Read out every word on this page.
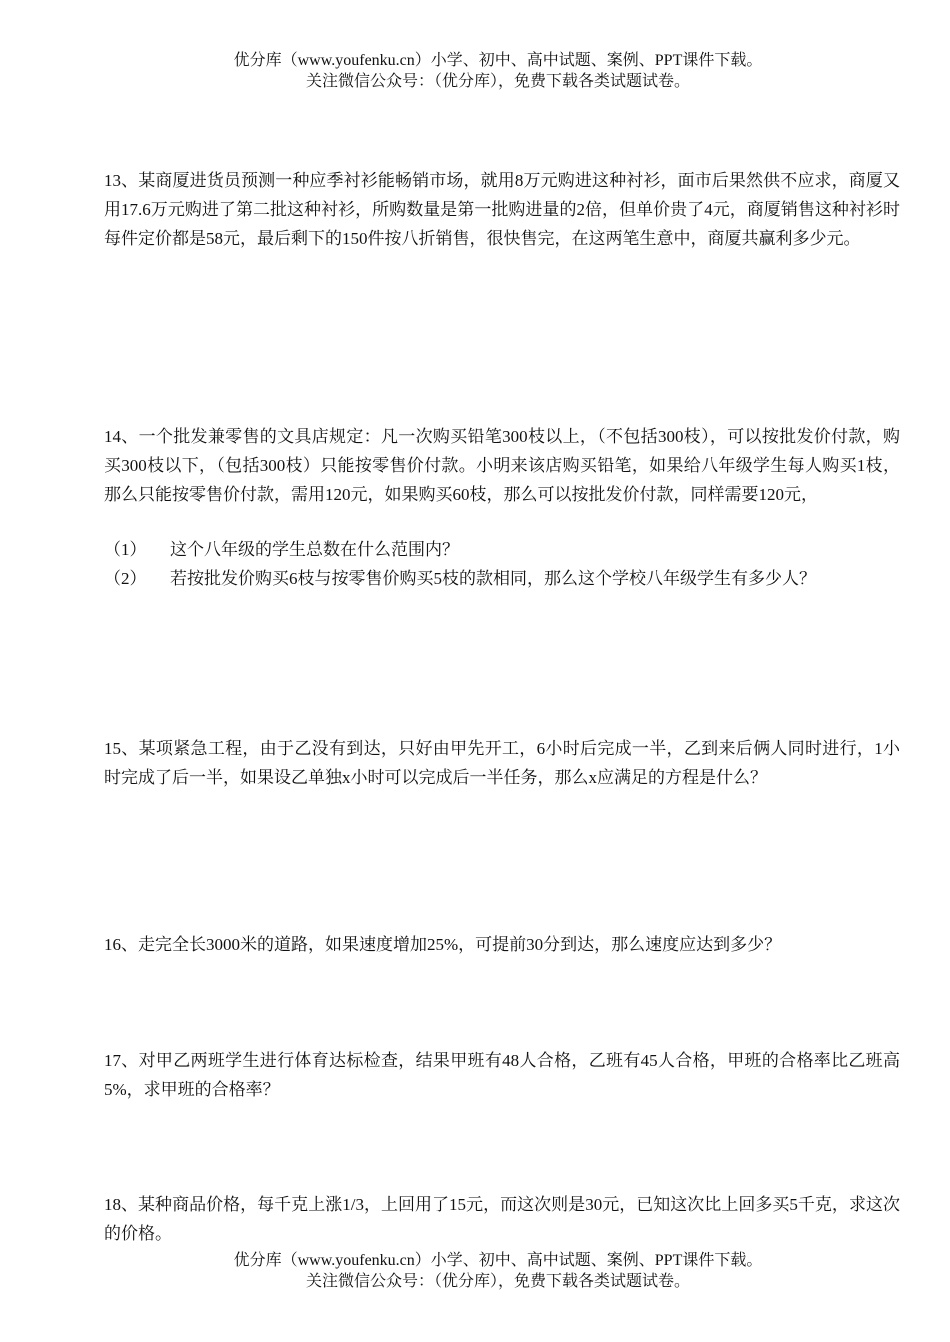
优分库（www.youfenku.cn）小学、初中、高中试题、案例、PPT课件下载。
关注微信公众号：（优分库），免费下载各类试题试卷。
13、某商厦进货员预测一种应季衬衫能畅销市场，就用8万元购进这种衬衫，面市后果然供不应求，商厦又用17.6万元购进了第二批这种衬衫，所购数量是第一批购进量的2倍，但单价贵了4元，商厦销售这种衬衫时每件定价都是58元，最后剩下的150件按八折销售，很快售完，在这两笔生意中，商厦共赢利多少元。
14、一个批发兼零售的文具店规定：凡一次购买铅笔300枝以上，（不包括300枝），可以按批发价付款，购买300枝以下，（包括300枝）只能按零售价付款。小明来该店购买铅笔，如果给八年级学生每人购买1枝，那么只能按零售价付款，需用120元，如果购买60枝，那么可以按批发价付款，同样需要120元，
（1） 这个八年级的学生总数在什么范围内？
（2） 若按批发价购买6枝与按零售价购买5枝的款相同，那么这个学校八年级学生有多少人？
15、某项紧急工程，由于乙没有到达，只好由甲先开工，6小时后完成一半，乙到来后俩人同时进行，1小时完成了后一半，如果设乙单独x小时可以完成后一半任务，那么x应满足的方程是什么？
16、走完全长3000米的道路，如果速度增加25%，可提前30分到达，那么速度应达到多少？
17、对甲乙两班学生进行体育达标检查，结果甲班有48人合格，乙班有45人合格，甲班的合格率比乙班高5%，求甲班的合格率？
18、某种商品价格，每千克上涨1/3，上回用了15元，而这次则是30元，已知这次比上回多买5千克，求这次的价格。
优分库（www.youfenku.cn）小学、初中、高中试题、案例、PPT课件下载。
关注微信公众号：（优分库），免费下载各类试题试卷。
